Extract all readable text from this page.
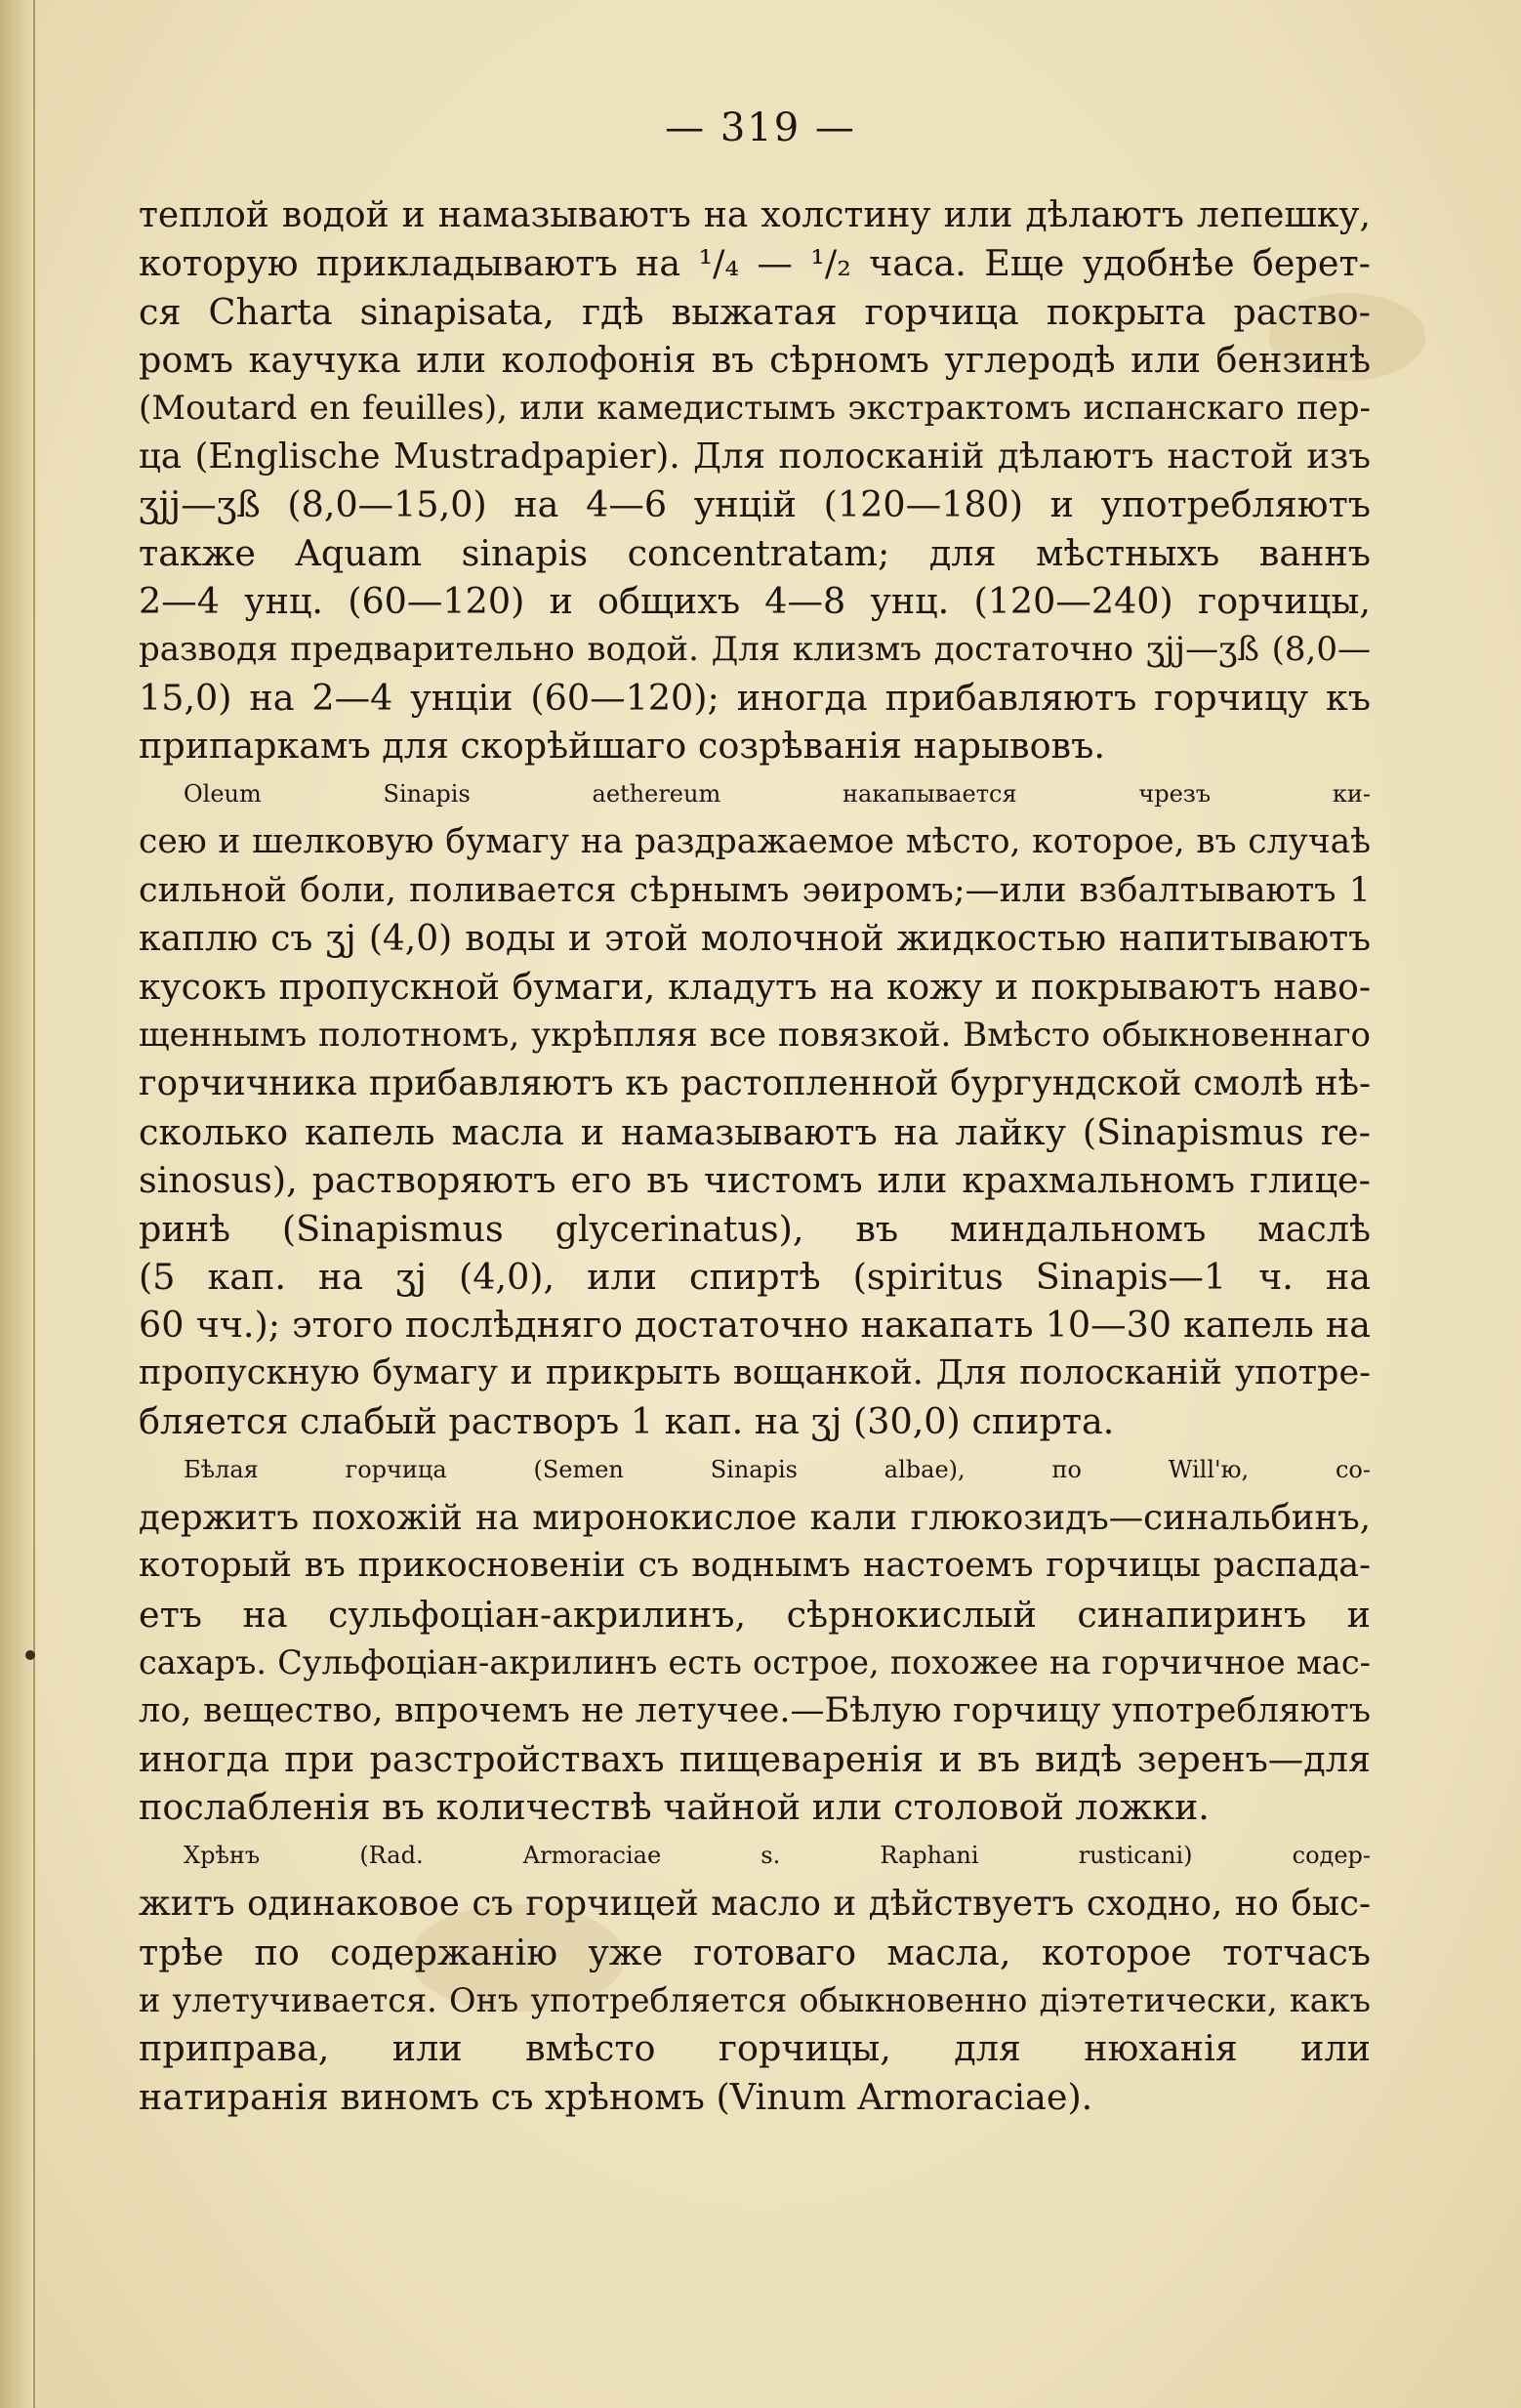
— 319 —

теплой водой и намазываютъ на холстину или дѣлаютъ лепешку,
которую прикладываютъ на ¹/₄ — ¹/₂ часа. Еще удобнѣе берет-
ся Charta sinapisata, гдѣ выжатая горчица покрыта раство-
ромъ каучука или колофонія въ сѣрномъ углеродѣ или бензинѣ
(Moutard en feuilles), или камедистымъ экстрактомъ испанскаго пер-
ца (Englische Mustradpapier). Для полосканій дѣлаютъ настой изъ
ʒjj—ʒß (8,0—15,0) на 4—6 унцій (120—180) и употребляютъ
также Aquam sinapis concentratam; для мѣстныхъ ваннъ
2—4 унц. (60—120) и общихъ 4—8 унц. (120—240) горчицы,
разводя предварительно водой. Для клизмъ достаточно ʒjj—ʒß (8,0—
15,0) на 2—4 унціи (60—120); иногда прибавляютъ горчицу къ
припаркамъ для скорѣйшаго созрѣванія нарывовъ.

Oleum Sinapis aethereum накапывается чрезъ ки-
сею и шелковую бумагу на раздражаемое мѣсто, которое, въ случаѣ
сильной боли, поливается сѣрнымъ эѳиромъ;—или взбалтываютъ 1
каплю съ ʒj (4,0) воды и этой молочной жидкостью напитываютъ
кусокъ пропускной бумаги, кладутъ на кожу и покрываютъ наво-
щеннымъ полотномъ, укрѣпляя все повязкой. Вмѣсто обыкновеннаго
горчичника прибавляютъ къ растопленной бургундской смолѣ нѣ-
сколько капель масла и намазываютъ на лайку (Sinapismus re-
sinosus), растворяютъ его въ чистомъ или крахмальномъ глице-
ринѣ (Sinapismus glycerinatus), въ миндальномъ маслѣ
(5 кап. на ʒj (4,0), или спиртѣ (spiritus Sinapis—1 ч. на
60 чч.); этого послѣдняго достаточно накапать 10—30 капель на
пропускную бумагу и прикрыть вощанкой. Для полосканій употре-
бляется слабый растворъ 1 кап. на ʒj (30,0) спирта.

Бѣлая горчица (Semen Sinapis albae), по Will'ю, со-
держитъ похожій на миронокислое кали глюкозидъ—синальбинъ,
который въ прикосновеніи съ воднымъ настоемъ горчицы распада-
етъ на сульфоціан-акрилинъ, сѣрнокислый синапиринъ и
сахаръ. Сульфоціан-акрилинъ есть острое, похожее на горчичное мас-
ло, вещество, впрочемъ не летучее.—Бѣлую горчицу употребляютъ
иногда при разстройствахъ пищеваренія и въ видѣ зеренъ—для
послабленія въ количествѣ чайной или столовой ложки.

Хрѣнъ (Rad. Armoraciae s. Raphani rusticani) содер-
житъ одинаковое съ горчицей масло и дѣйствуетъ сходно, но быс-
трѣе по содержанію уже готоваго масла, которое тотчасъ
и улетучивается. Онъ употребляется обыкновенно діэтетически, какъ
приправа, или вмѣсто горчицы, для нюханія или
натиранія виномъ съ хрѣномъ (Vinum Armoraciae).
